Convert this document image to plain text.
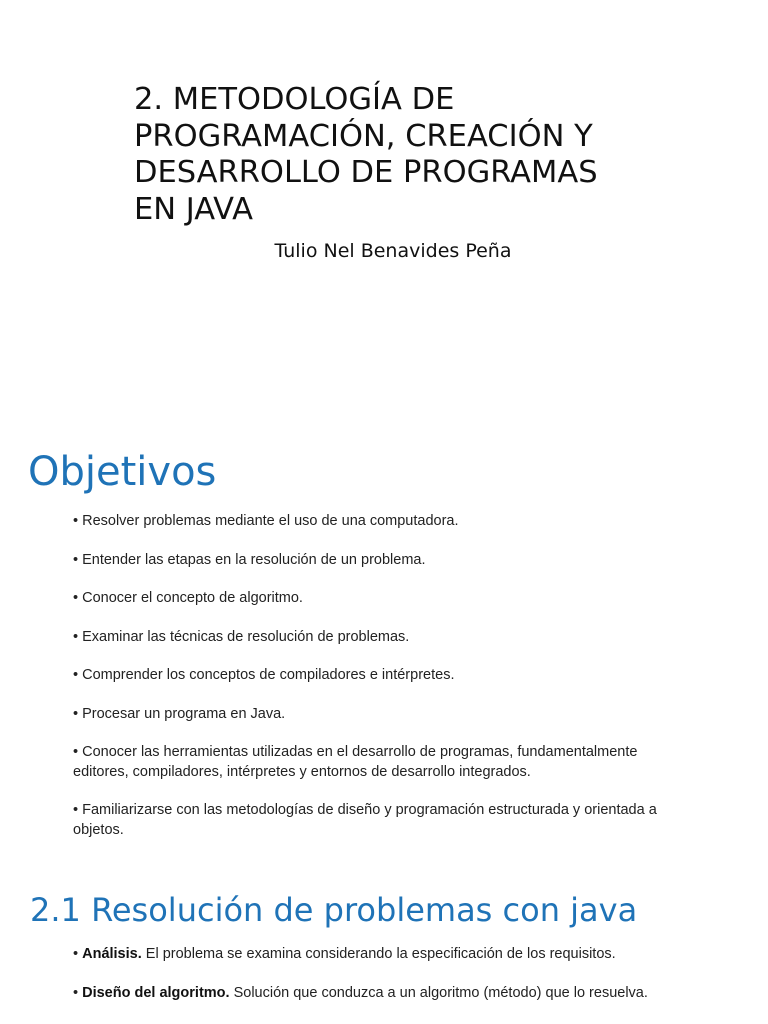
2. METODOLOGÍA DE
PROGRAMACIÓN, CREACIÓN Y
DESARROLLO DE PROGRAMAS
EN JAVA
Tulio Nel Benavides Peña
Objetivos
• Resolver problemas mediante el uso de una computadora.
• Entender las etapas en la resolución de un problema.
• Conocer el concepto de algoritmo.
• Examinar las técnicas de resolución de problemas.
• Comprender los conceptos de compiladores e intérpretes.
• Procesar un programa en Java.
• Conocer las herramientas utilizadas en el desarrollo de programas, fundamentalmente editores, compiladores, intérpretes y entornos de desarrollo integrados.
• Familiarizarse con las metodologías de diseño y programación estructurada y orientada a objetos.
2.1 Resolución de problemas con java
• Análisis. El problema se examina considerando la especificación de los requisitos.
• Diseño del algoritmo. Solución que conduzca a un algoritmo (método) que lo resuelva.
